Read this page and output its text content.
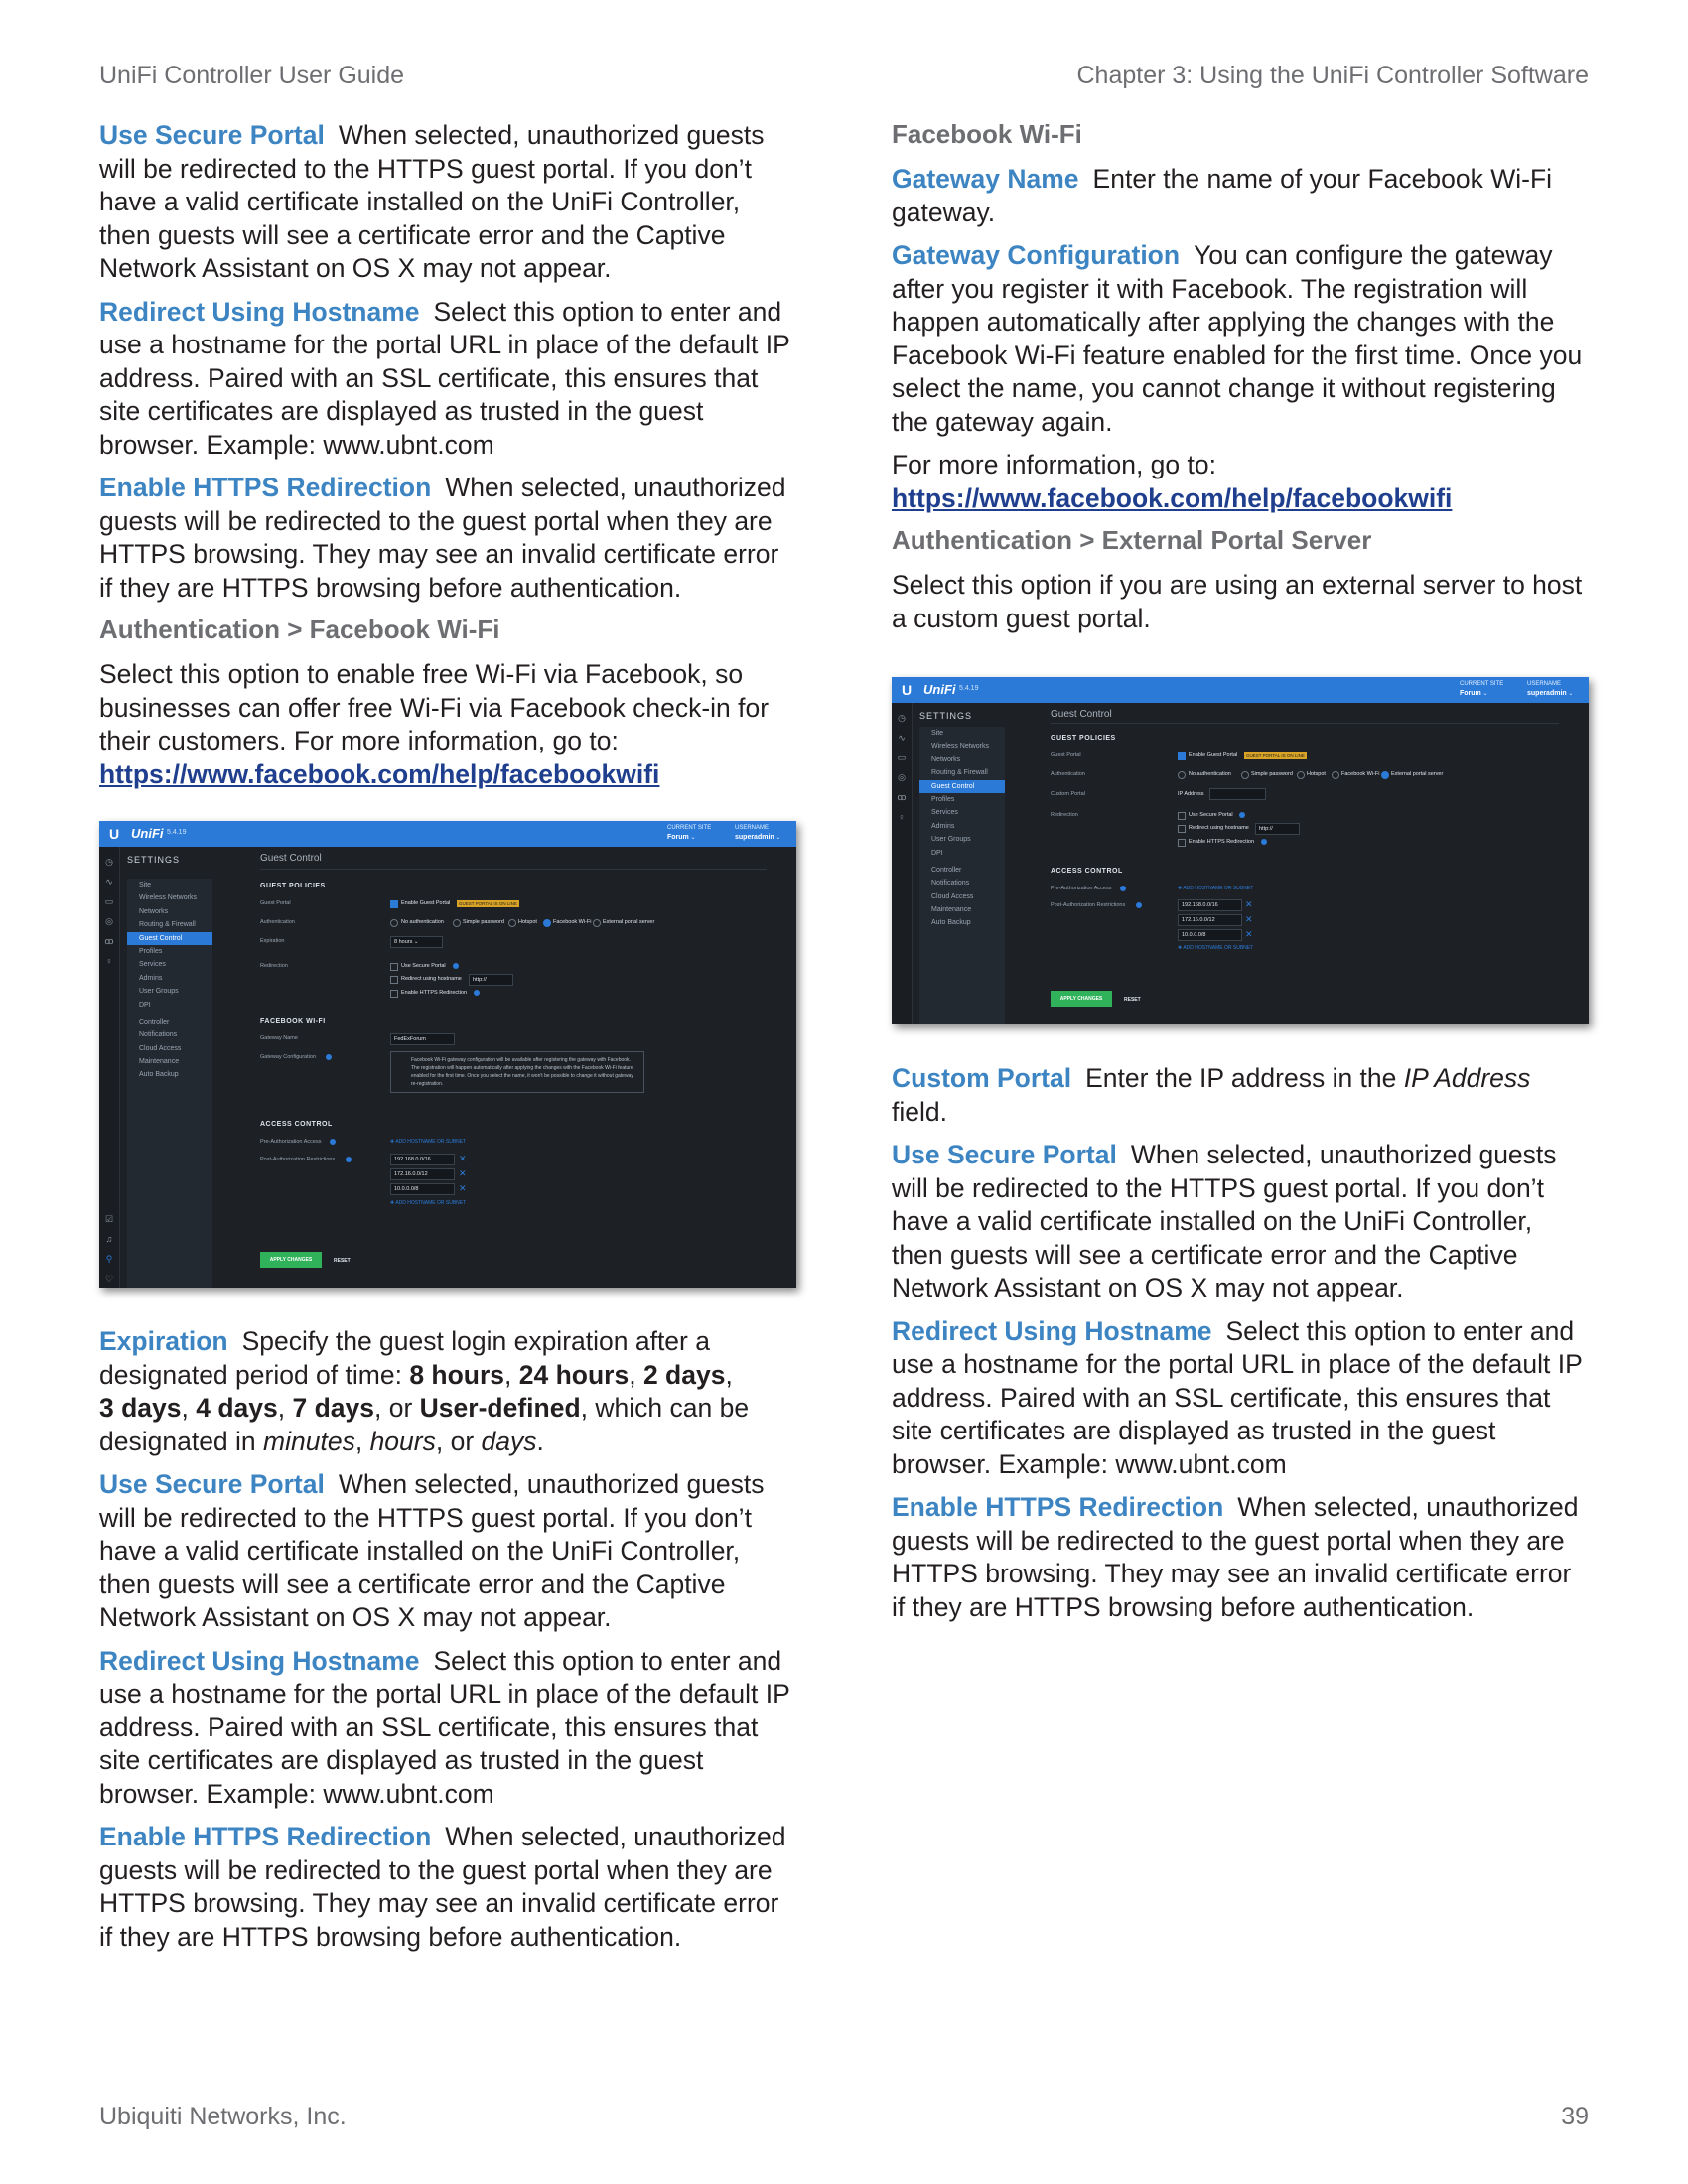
UniFi Controller User Guide	Chapter 3: Using the UniFi Controller Software
Ubiquiti Networks, Inc.	39

Use Secure Portal When selected, unauthorized guests will be redirected to the HTTPS guest portal. If you don’t have a valid certificate installed on the UniFi Controller, then guests will see a certificate error and the Captive Network Assistant on OS X may not appear.

Redirect Using Hostname Select this option to enter and use a hostname for the portal URL in place of the default IP address. Paired with an SSL certificate, this ensures that site certificates are displayed as trusted in the guest browser. Example: www.ubnt.com

Enable HTTPS Redirection When selected, unauthorized guests will be redirected to the guest portal when they are HTTPS browsing. They may see an invalid certificate error if they are HTTPS browsing before authentication.

Authentication > Facebook Wi-Fi

Select this option to enable free Wi-Fi via Facebook, so businesses can offer free Wi-Fi via Facebook check-in for their customers. For more information, go to:
https://www.facebook.com/help/facebookwifi

U UniFi 5.4.19
CURRENT SITE
Forum ⌄
USERNAME
superadmin ⌄
◷
∿
▭
◎
ꝏ
♀
☑
♫
⚲
♡
SETTINGS
Site
Wireless Networks
Networks
Routing & Firewall
Guest Control
Profiles
Services
Admins
User Groups
DPI
Controller
Notifications
Cloud Access
Maintenance
Auto Backup
Guest Control
GUEST POLICIES
Guest Portal	Enable Guest Portal	GUEST PORTAL IS ON LINE
Authentication	No authentication	Simple password	Hotspot	Facebook Wi-Fi External portal server
Expiration	8 hours ⌄
Redirection	Use Secure Portal
Redirect using hostname	http://
Enable HTTPS Redirection
FACEBOOK WI-FI
Gateway Name	FedExForum
Gateway Configuration	Facebook Wi-Fi gateway configuration will be available after registering the gateway with Facebook. The registration will happen automatically after applying the changes with the Facebook Wi-Fi feature enabled for the first time. Once you select the name, it won't be possible to change it without gateway re-registration.
ACCESS CONTROL
Pre-Authorization Access	✚ ADD HOSTNAME OR SUBNET
Post-Authorization Restrictions	192.168.0.0/16	✕
172.16.0.0/12	✕
10.0.0.0/8	✕
✚ ADD HOSTNAME OR SUBNET
APPLY CHANGES	RESET

Expiration Specify the guest login expiration after a designated period of time: 8 hours, 24 hours, 2 days,
3 days, 4 days, 7 days, or User-defined, which can be designated in minutes, hours, or days.

Use Secure Portal When selected, unauthorized guests will be redirected to the HTTPS guest portal. If you don’t have a valid certificate installed on the UniFi Controller, then guests will see a certificate error and the Captive Network Assistant on OS X may not appear.

Redirect Using Hostname Select this option to enter and use a hostname for the portal URL in place of the default IP address. Paired with an SSL certificate, this ensures that site certificates are displayed as trusted in the guest browser. Example: www.ubnt.com

Enable HTTPS Redirection When selected, unauthorized guests will be redirected to the guest portal when they are HTTPS browsing. They may see an invalid certificate error if they are HTTPS browsing before authentication.

Facebook Wi-Fi

Gateway Name Enter the name of your Facebook Wi-Fi gateway.

Gateway Configuration You can configure the gateway after you register it with Facebook. The registration will happen automatically after applying the changes with the Facebook Wi-Fi feature enabled for the first time. Once you select the name, you cannot change it without registering the gateway again.

For more information, go to:
https://www.facebook.com/help/facebookwifi

Authentication > External Portal Server

Select this option if you are using an external server to host a custom guest portal.

U UniFi 5.4.19
CURRENT SITE
Forum ⌄
USERNAME
superadmin ⌄
◷
∿
▭
◎
ꝏ
♀
SETTINGS
Site
Wireless Networks
Networks
Routing & Firewall
Guest Control
Profiles
Services
Admins
User Groups
DPI
Controller
Notifications
Cloud Access
Maintenance
Auto Backup
Guest Control
GUEST POLICIES
Guest Portal	Enable Guest Portal	GUEST PORTAL IS ON LINE
Authentication	No authentication	Simple password	Hotspot	Facebook Wi-Fi External portal server
Custom Portal	IP Address
Redirection	Use Secure Portal
Redirect using hostname	http://
Enable HTTPS Redirection
ACCESS CONTROL
Pre-Authorization Access	✚ ADD HOSTNAME OR SUBNET
Post-Authorization Restrictions	192.168.0.0/16	✕
172.16.0.0/12	✕
10.0.0.0/8	✕
✚ ADD HOSTNAME OR SUBNET
APPLY CHANGES	RESET

Custom Portal Enter the IP address in the IP Address field.

Use Secure Portal When selected, unauthorized guests will be redirected to the HTTPS guest portal. If you don’t have a valid certificate installed on the UniFi Controller, then guests will see a certificate error and the Captive Network Assistant on OS X may not appear.

Redirect Using Hostname Select this option to enter and use a hostname for the portal URL in place of the default IP address. Paired with an SSL certificate, this ensures that site certificates are displayed as trusted in the guest browser. Example: www.ubnt.com

Enable HTTPS Redirection When selected, unauthorized guests will be redirected to the guest portal when they are HTTPS browsing. They may see an invalid certificate error if they are HTTPS browsing before authentication.
